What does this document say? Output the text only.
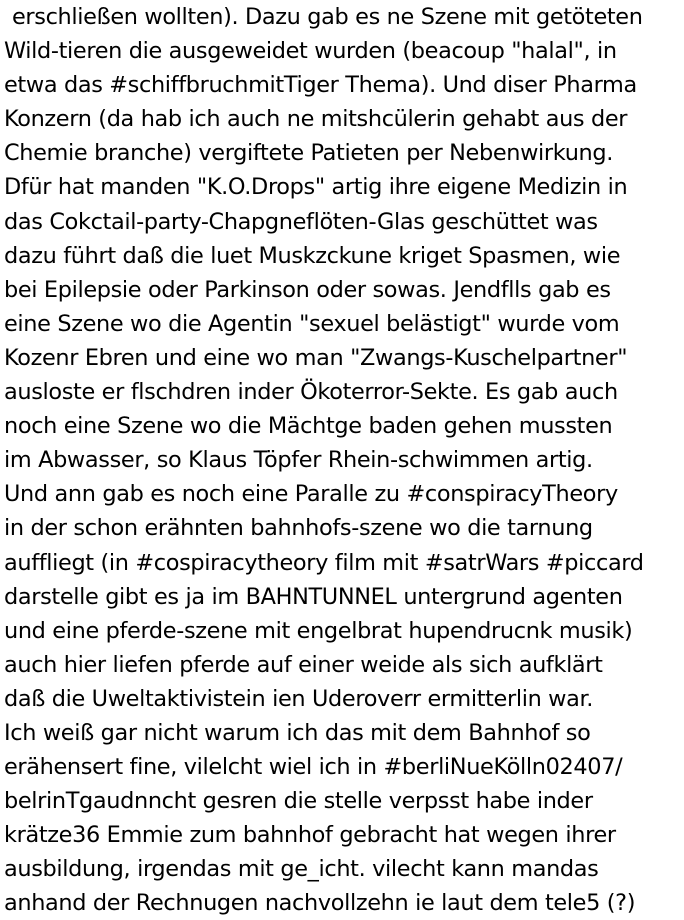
erschließen wollten). Dazu gab es ne Szene mit getöteten
Wild-tieren die ausgeweidet wurden (beacoup "halal", in
etwa das #schiffbruchmitTiger Thema). Und diser Pharma
Konzern (da hab ich auch ne mitshcülerin gehabt aus der
Chemie branche) vergiftete Patieten per Nebenwirkung.
Dfür hat manden "K.O.Drops" artig ihre eigene Medizin in
das Cokctail-party-Chapgneflöten-Glas geschüttet was
dazu führt daß die luet Muskzckune kriget Spasmen, wie
bei Epilepsie oder Parkinson oder sowas. Jendflls gab es
eine Szene wo die Agentin "sexuel belästigt" wurde vom
Kozenr Ebren und eine wo man "Zwangs-Kuschelpartner"
ausloste er flschdren inder Ökoterror-Sekte. Es gab auch
noch eine Szene wo die Mächtge baden gehen mussten
im Abwasser, so Klaus Töpfer Rhein-schwimmen artig.
Und ann gab es noch eine Paralle zu #conspiracyTheory
in der schon erähnten bahnhofs-szene wo die tarnung
auffliegt (in #cospiracytheory film mit #satrWars #piccard
darstelle gibt es ja im BAHNTUNNEL untergrund agenten
und eine pferde-szene mit engelbrat hupendrucnk musik)
auch hier liefen pferde auf einer weide als sich aufklärt
daß die Uweltaktivistein ien Uderoverr ermitterlin war.
Ich weiß gar nicht warum ich das mit dem Bahnhof so
erähensert fine, vilelcht wiel ich in #berliNueKölln02407/
belrinTgaudnncht gesren die stelle verpsst habe inder
krätze36 Emmie zum bahnhof gebracht hat wegen ihrer
ausbildung, irgendas mit ge_icht. vilecht kann mandas
anhand der Rechnugen nachvollzehn ie laut dem tele5 (?)
